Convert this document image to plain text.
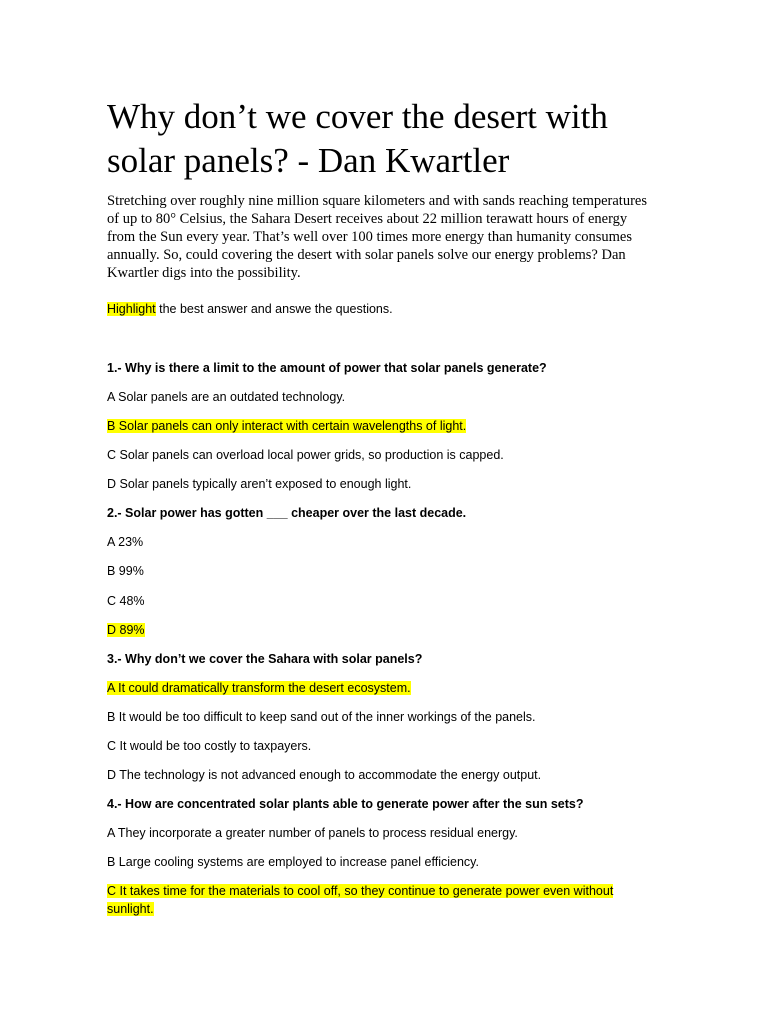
Why don’t we cover the desert with solar panels? - Dan Kwartler

Stretching over roughly nine million square kilometers and with sands reaching temperatures of up to 80° Celsius, the Sahara Desert receives about 22 million terawatt hours of energy from the Sun every year. That’s well over 100 times more energy than humanity consumes annually. So, could covering the desert with solar panels solve our energy problems? Dan Kwartler digs into the possibility.

Highlight the best answer and answe the questions.

1.- Why is there a limit to the amount of power that solar panels generate?

A Solar panels are an outdated technology.

B Solar panels can only interact with certain wavelengths of light.

C Solar panels can overload local power grids, so production is capped.

D Solar panels typically aren’t exposed to enough light.

2.- Solar power has gotten ___ cheaper over the last decade.

A 23%

B 99%

C 48%

D 89%

3.- Why don’t we cover the Sahara with solar panels?

A It could dramatically transform the desert ecosystem.

B It would be too difficult to keep sand out of the inner workings of the panels.

C It would be too costly to taxpayers.

D The technology is not advanced enough to accommodate the energy output.

4.- How are concentrated solar plants able to generate power after the sun sets?

A They incorporate a greater number of panels to process residual energy.

B Large cooling systems are employed to increase panel efficiency.

C It takes time for the materials to cool off, so they continue to generate power even without sunlight.
